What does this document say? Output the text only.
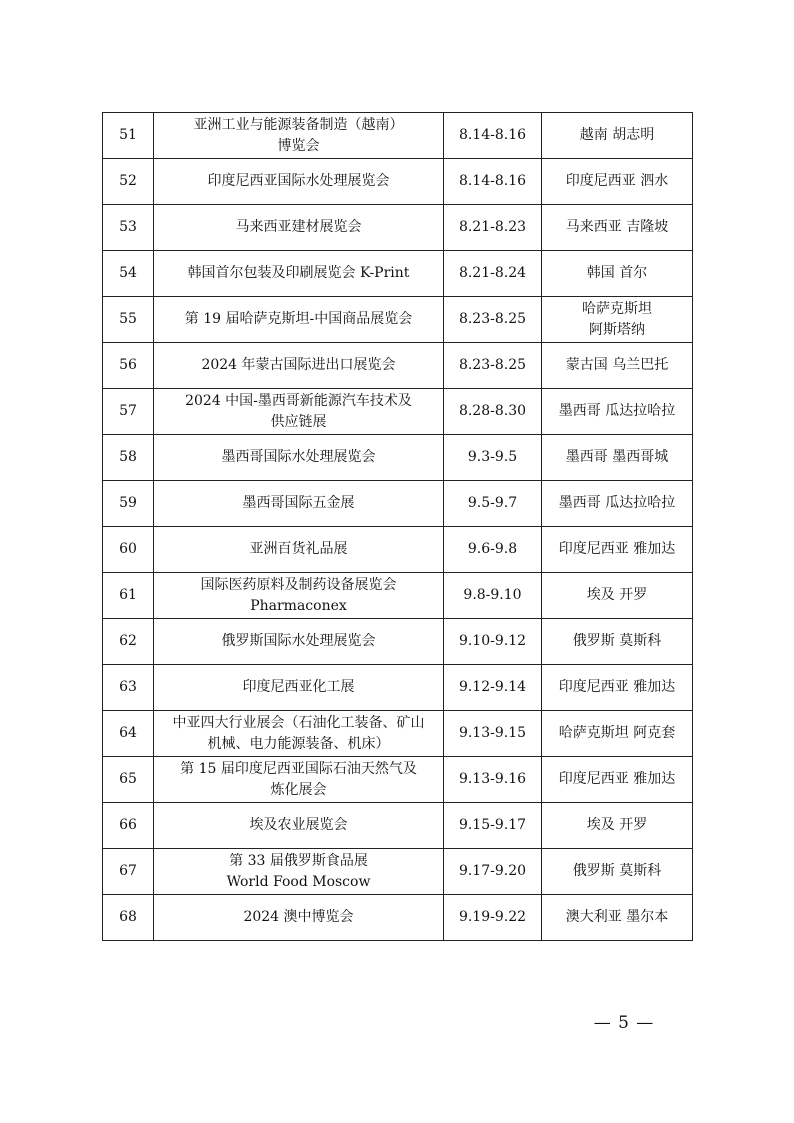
51	亚洲工业与能源装备制造（越南）
博览会	8.14-8.16	越南 胡志明

52	印度尼西亚国际水处理展览会	8.14-8.16	印度尼西亚 泗水

53	马来西亚建材展览会	8.21-8.23	马来西亚 吉隆坡

54	韩国首尔包装及印刷展览会 K-Print	8.21-8.24	韩国 首尔

55	第 19 届哈萨克斯坦-中国商品展览会	8.23-8.25	哈萨克斯坦
阿斯塔纳

56	2024 年蒙古国际进出口展览会	8.23-8.25	蒙古国 乌兰巴托

57	2024 中国-墨西哥新能源汽车技术及
供应链展	8.28-8.30	墨西哥 瓜达拉哈拉

58	墨西哥国际水处理展览会	9.3-9.5	墨西哥 墨西哥城

59	墨西哥国际五金展	9.5-9.7	墨西哥 瓜达拉哈拉

60	亚洲百货礼品展	9.6-9.8	印度尼西亚 雅加达

61	国际医药原料及制药设备展览会
Pharmaconex	9.8-9.10	埃及 开罗

62	俄罗斯国际水处理展览会	9.10-9.12	俄罗斯 莫斯科

63	印度尼西亚化工展	9.12-9.14	印度尼西亚 雅加达

64	中亚四大行业展会（石油化工装备、矿山
机械、电力能源装备、机床）	9.13-9.15	哈萨克斯坦 阿克套

65	第 15 届印度尼西亚国际石油天然气及
炼化展会	9.13-9.16	印度尼西亚 雅加达

66	埃及农业展览会	9.15-9.17	埃及 开罗

67	第 33 届俄罗斯食品展
World Food Moscow	9.17-9.20	俄罗斯 莫斯科

68	2024 澳中博览会	9.19-9.22	澳大利亚 墨尔本
— 5 —
